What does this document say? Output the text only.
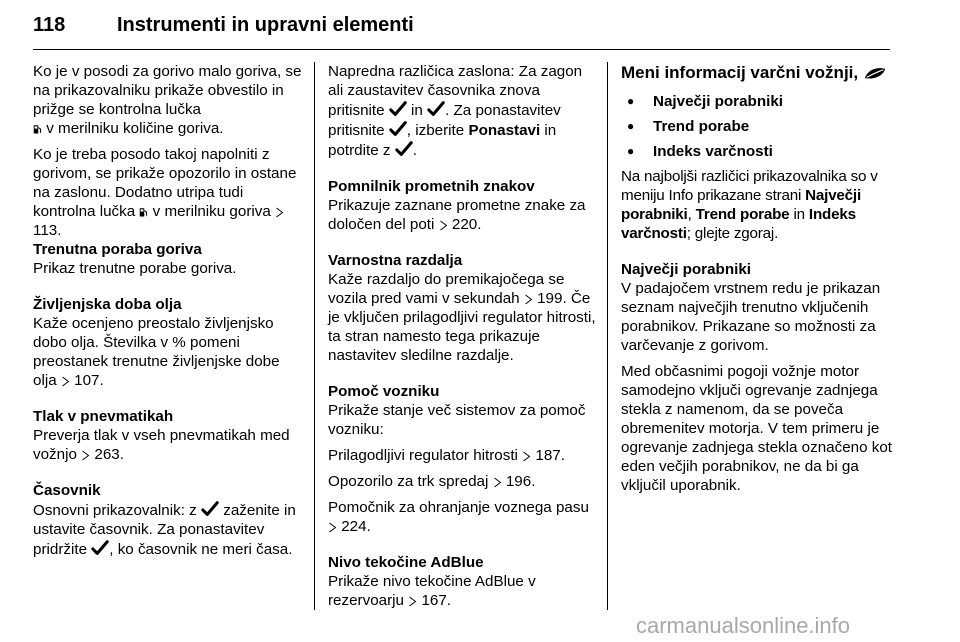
118	Instrumenti in upravni elementi

Ko je v posodi za gorivo malo goriva, se na prikazovalniku prikaže obvestilo in prižge se kontrolna lučka
v merilniku količine goriva.

Ko je treba posodo takoj napolniti z gorivom, se prikaže opozorilo in ostane na zaslonu. Dodatno utripa tudi kontrolna lučka v merilniku goriva  113.

Trenutna poraba goriva

Prikaz trenutne porabe goriva.

Življenjska doba olja

Kaže ocenjeno preostalo življenjsko dobo olja. Številka v % pomeni preostanek trenutne življenjske dobe olja 107.

Tlak v pnevmatikah

Preverja tlak v vseh pnevmatikah med vožnjo 263.

Časovnik

Osnovni prikazovalnik: z zaženite in ustavite časovnik. Za ponastavitev pridržite , ko časovnik ne meri časa.

Napredna različica zaslona: Za zagon ali zaustavitev časovnika znova pritisnite in . Za ponastavitev pritisnite , izberite Ponastavi in potrdite z .

Pomnilnik prometnih znakov

Prikazuje zaznane prometne znake za določen del poti 220.

Varnostna razdalja

Kaže razdaljo do premikajočega se vozila pred vami v sekundah 199. Če je vključen prilagodljivi regulator hitrosti, ta stran namesto tega prikazuje nastavitev sledilne razdalje.

Pomoč vozniku

Prikaže stanje več sistemov za pomoč vozniku:

Prilagodljivi regulator hitrosti 187.

Opozorilo za trk spredaj 196.

Pomočnik za ohranjanje voznega pasu  224.

Nivo tekočine AdBlue

Prikaže nivo tekočine AdBlue v rezervoarju 167.

Meni informacij varčni vožnji,

● Največji porabniki
● Trend porabe
● Indeks varčnosti

Na najboljši različici prikazovalnika so v meniju Info prikazane strani Največji porabniki, Trend porabe in Indeks varčnosti; glejte zgoraj.

Največji porabniki

V padajočem vrstnem redu je prikazan seznam največjih trenutno vključenih porabnikov. Prikazane so možnosti za varčevanje z gorivom.

Med občasnimi pogoji vožnje motor samodejno vključi ogrevanje zadnjega stekla z namenom, da se poveča obremenitev motorja. V tem primeru je ogrevanje zadnjega stekla označeno kot eden večjih porabnikov, ne da bi ga vključil uporabnik.

carmanualsonline.info
